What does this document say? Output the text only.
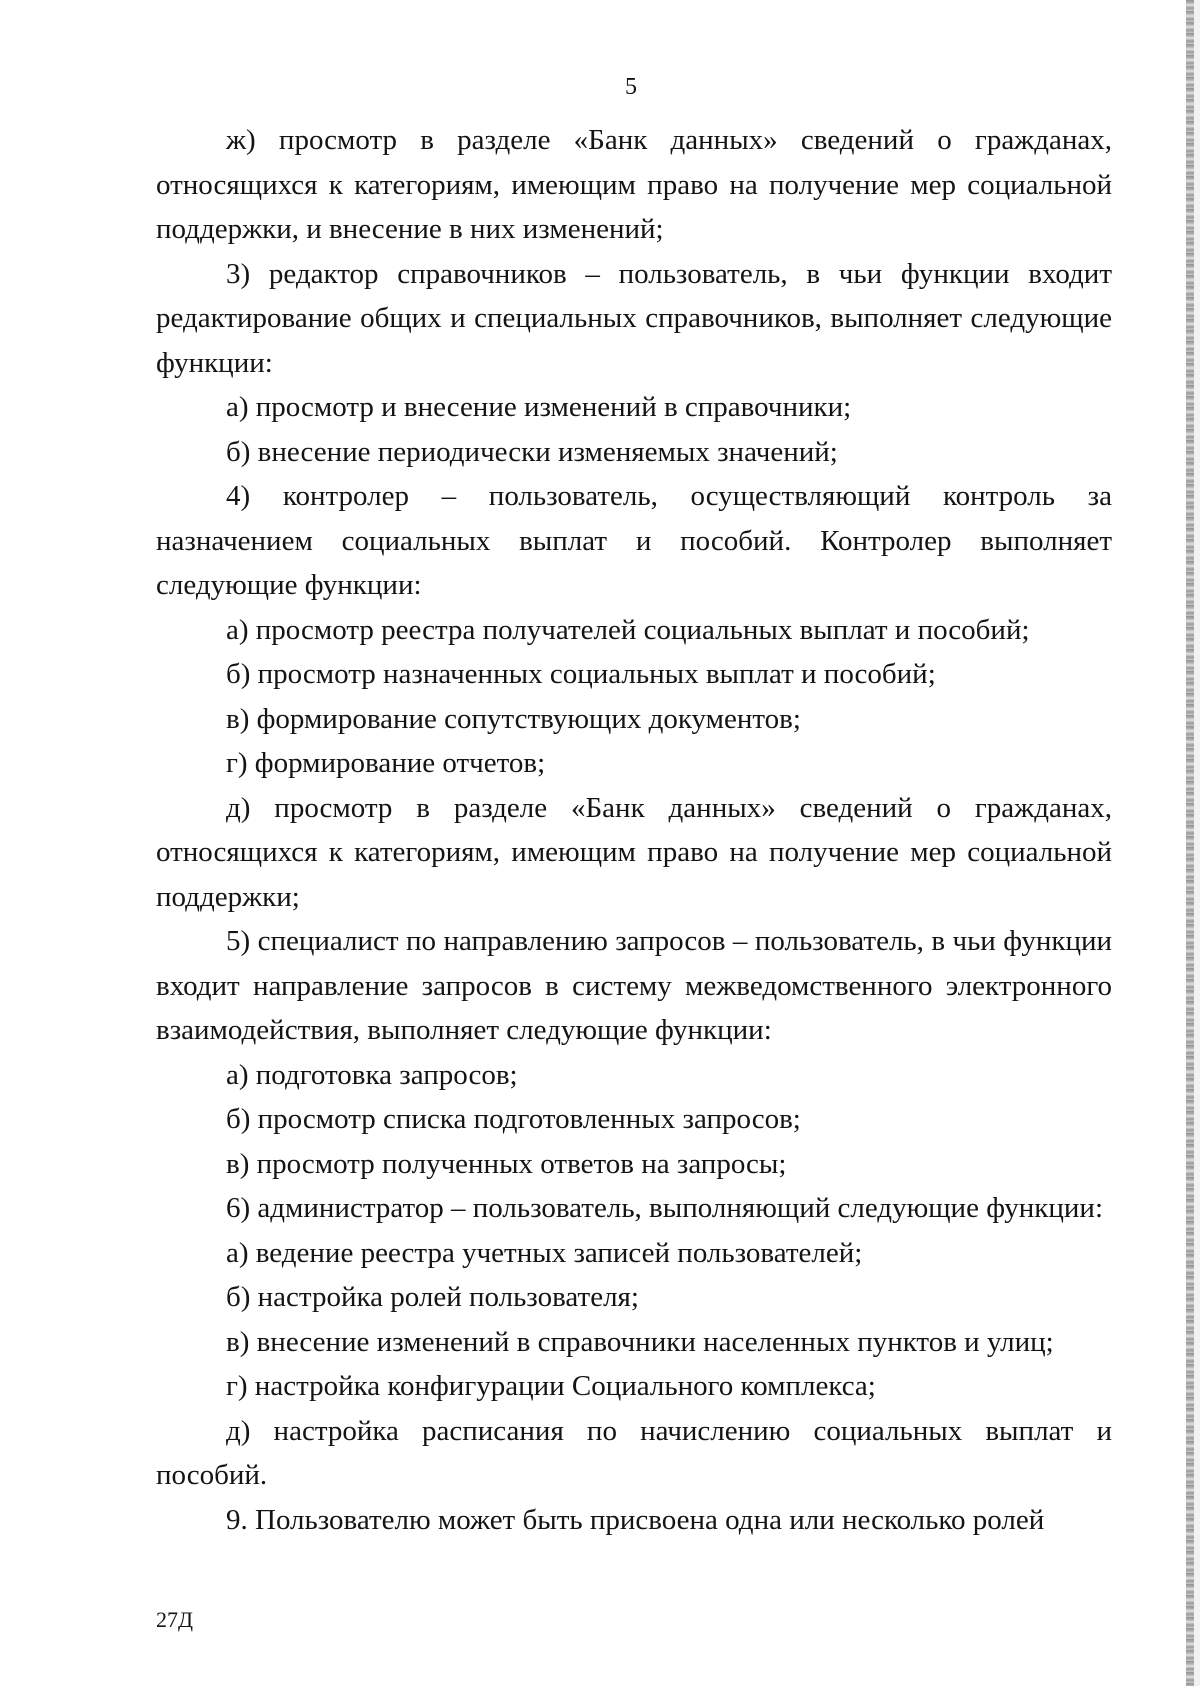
5

ж) просмотр в разделе «Банк данных» сведений о гражданах, относящихся к категориям, имеющим право на получение мер социальной поддержки, и внесение в них изменений;

3) редактор справочников – пользователь, в чьи функции входит редактирование общих и специальных справочников, выполняет следующие функции:

а) просмотр и внесение изменений в справочники;

б) внесение периодически изменяемых значений;

4) контролер – пользователь, осуществляющий контроль за назначением социальных выплат и пособий. Контролер выполняет следующие функции:

а) просмотр реестра получателей социальных выплат и пособий;

б) просмотр назначенных социальных выплат и пособий;

в) формирование сопутствующих документов;

г) формирование отчетов;

д) просмотр в разделе «Банк данных» сведений о гражданах, относящихся к категориям, имеющим право на получение мер социальной поддержки;

5) специалист по направлению запросов – пользователь, в чьи функции входит направление запросов в систему межведомственного электронного взаимодействия, выполняет следующие функции:

а) подготовка запросов;

б) просмотр списка подготовленных запросов;

в) просмотр полученных ответов на запросы;

6) администратор – пользователь, выполняющий следующие функции:

а) ведение реестра учетных записей пользователей;

б) настройка ролей пользователя;

в) внесение изменений в справочники населенных пунктов и улиц;

г) настройка конфигурации Социального комплекса;

д) настройка расписания по начислению социальных выплат и пособий.

9. Пользователю может быть присвоена одна или несколько ролей

27Д
